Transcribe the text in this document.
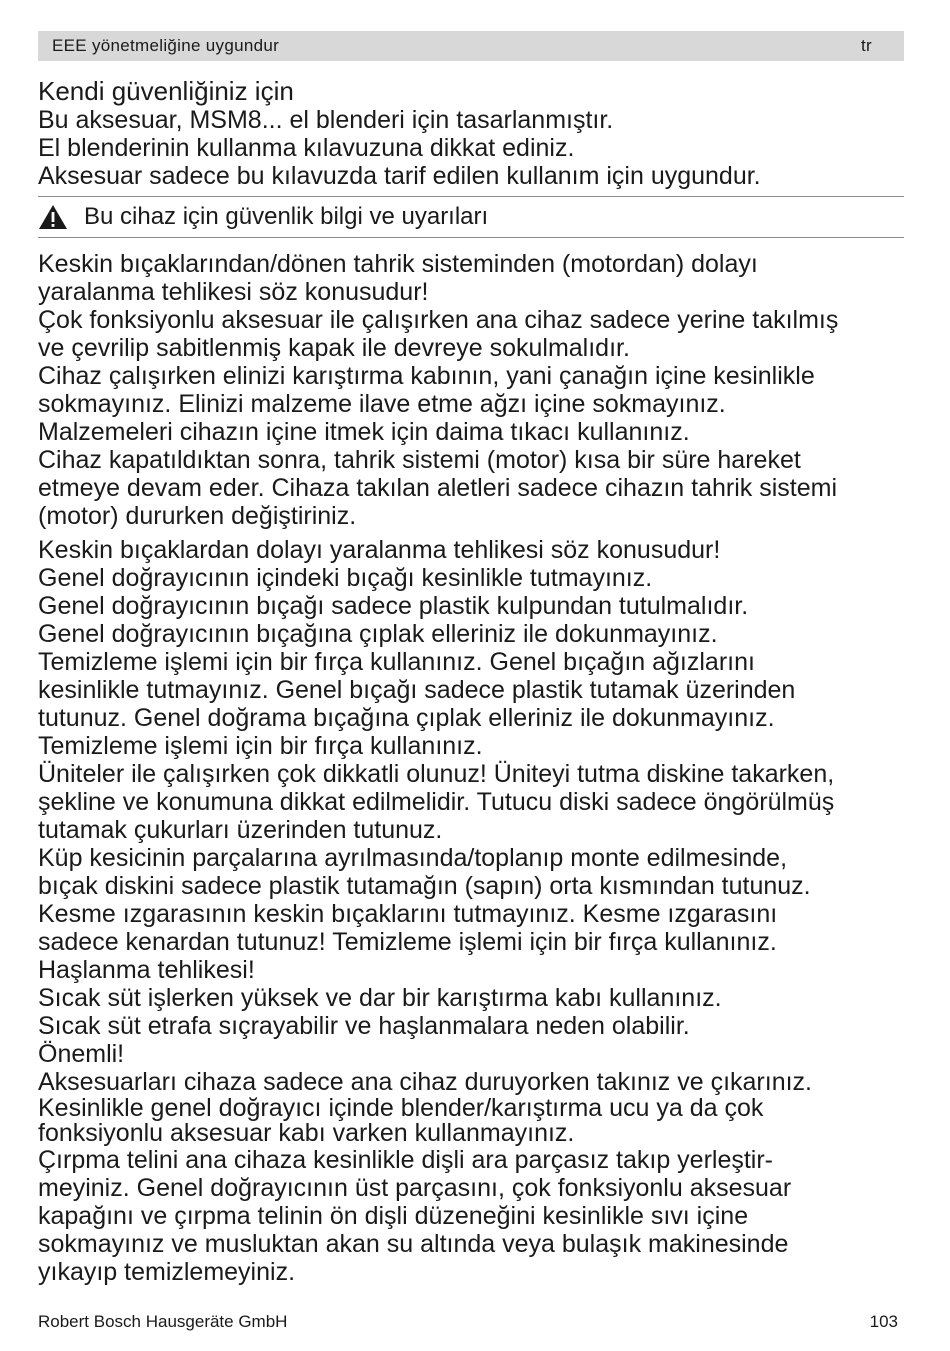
EEE yönetmeliğine uygundur	tr

Kendi güvenliğiniz için

Bu aksesuar, MSM8... el blenderi için tasarlanmıştır.

El blenderinin kullanma kılavuzuna dikkat ediniz.

Aksesuar sadece bu kılavuzda tarif edilen kullanım için uygundur.

Bu cihaz için güvenlik bilgi ve uyarıları

Keskin bıçaklarından/dönen tahrik sisteminden (motordan) dolayı

yaralanma tehlikesi söz konusudur!

Çok fonksiyonlu aksesuar ile çalışırken ana cihaz sadece yerine takılmış

ve çevrilip sabitlenmiş kapak ile devreye sokulmalıdır.

Cihaz çalışırken elinizi karıştırma kabının, yani çanağın içine kesinlikle

sokmayınız. Elinizi malzeme ilave etme ağzı içine sokmayınız.

Malzemeleri cihazın içine itmek için daima tıkacı kullanınız.

Cihaz kapatıldıktan sonra, tahrik sistemi (motor) kısa bir süre hareket

etmeye devam eder. Cihaza takılan aletleri sadece cihazın tahrik sistemi

(motor) dururken değiştiriniz.

Keskin bıçaklardan dolayı yaralanma tehlikesi söz konusudur!

Genel doğrayıcının içindeki bıçağı kesinlikle tutmayınız.

Genel doğrayıcının bıçağı sadece plastik kulpundan tutulmalıdır.

Genel doğrayıcının bıçağına çıplak elleriniz ile dokunmayınız.

Temizleme işlemi için bir fırça kullanınız. Genel bıçağın ağızlarını

kesinlikle tutmayınız. Genel bıçağı sadece plastik tutamak üzerinden

tutunuz. Genel doğrama bıçağına çıplak elleriniz ile dokunmayınız.

Temizleme işlemi için bir fırça kullanınız.

Üniteler ile çalışırken çok dikkatli olunuz! Üniteyi tutma diskine takarken,

şekline ve konumuna dikkat edilmelidir. Tutucu diski sadece öngörülmüş

tutamak çukurları üzerinden tutunuz.

Küp kesicinin parçalarına ayrılmasında/toplanıp monte edilmesinde,

bıçak diskini sadece plastik tutamağın (sapın) orta kısmından tutunuz.

Kesme ızgarasının keskin bıçaklarını tutmayınız. Kesme ızgarasını

sadece kenardan tutunuz! Temizleme işlemi için bir fırça kullanınız.

Haşlanma tehlikesi!

Sıcak süt işlerken yüksek ve dar bir karıştırma kabı kullanınız.

Sıcak süt etrafa sıçrayabilir ve haşlanmalara neden olabilir.

Önemli!

Aksesuarları cihaza sadece ana cihaz duruyorken takınız ve çıkarınız.

Kesinlikle genel doğrayıcı içinde blender/karıştırma ucu ya da çok

fonksiyonlu aksesuar kabı varken kullanmayınız.

Çırpma telini ana cihaza kesinlikle dişli ara parçasız takıp yerleştir-

meyiniz. Genel doğrayıcının üst parçasını, çok fonksiyonlu aksesuar

kapağını ve çırpma telinin ön dişli düzeneğini kesinlikle sıvı içine

sokmayınız ve musluktan akan su altında veya bulaşık makinesinde

yıkayıp temizlemeyiniz.

Robert Bosch Hausgeräte GmbH	103
